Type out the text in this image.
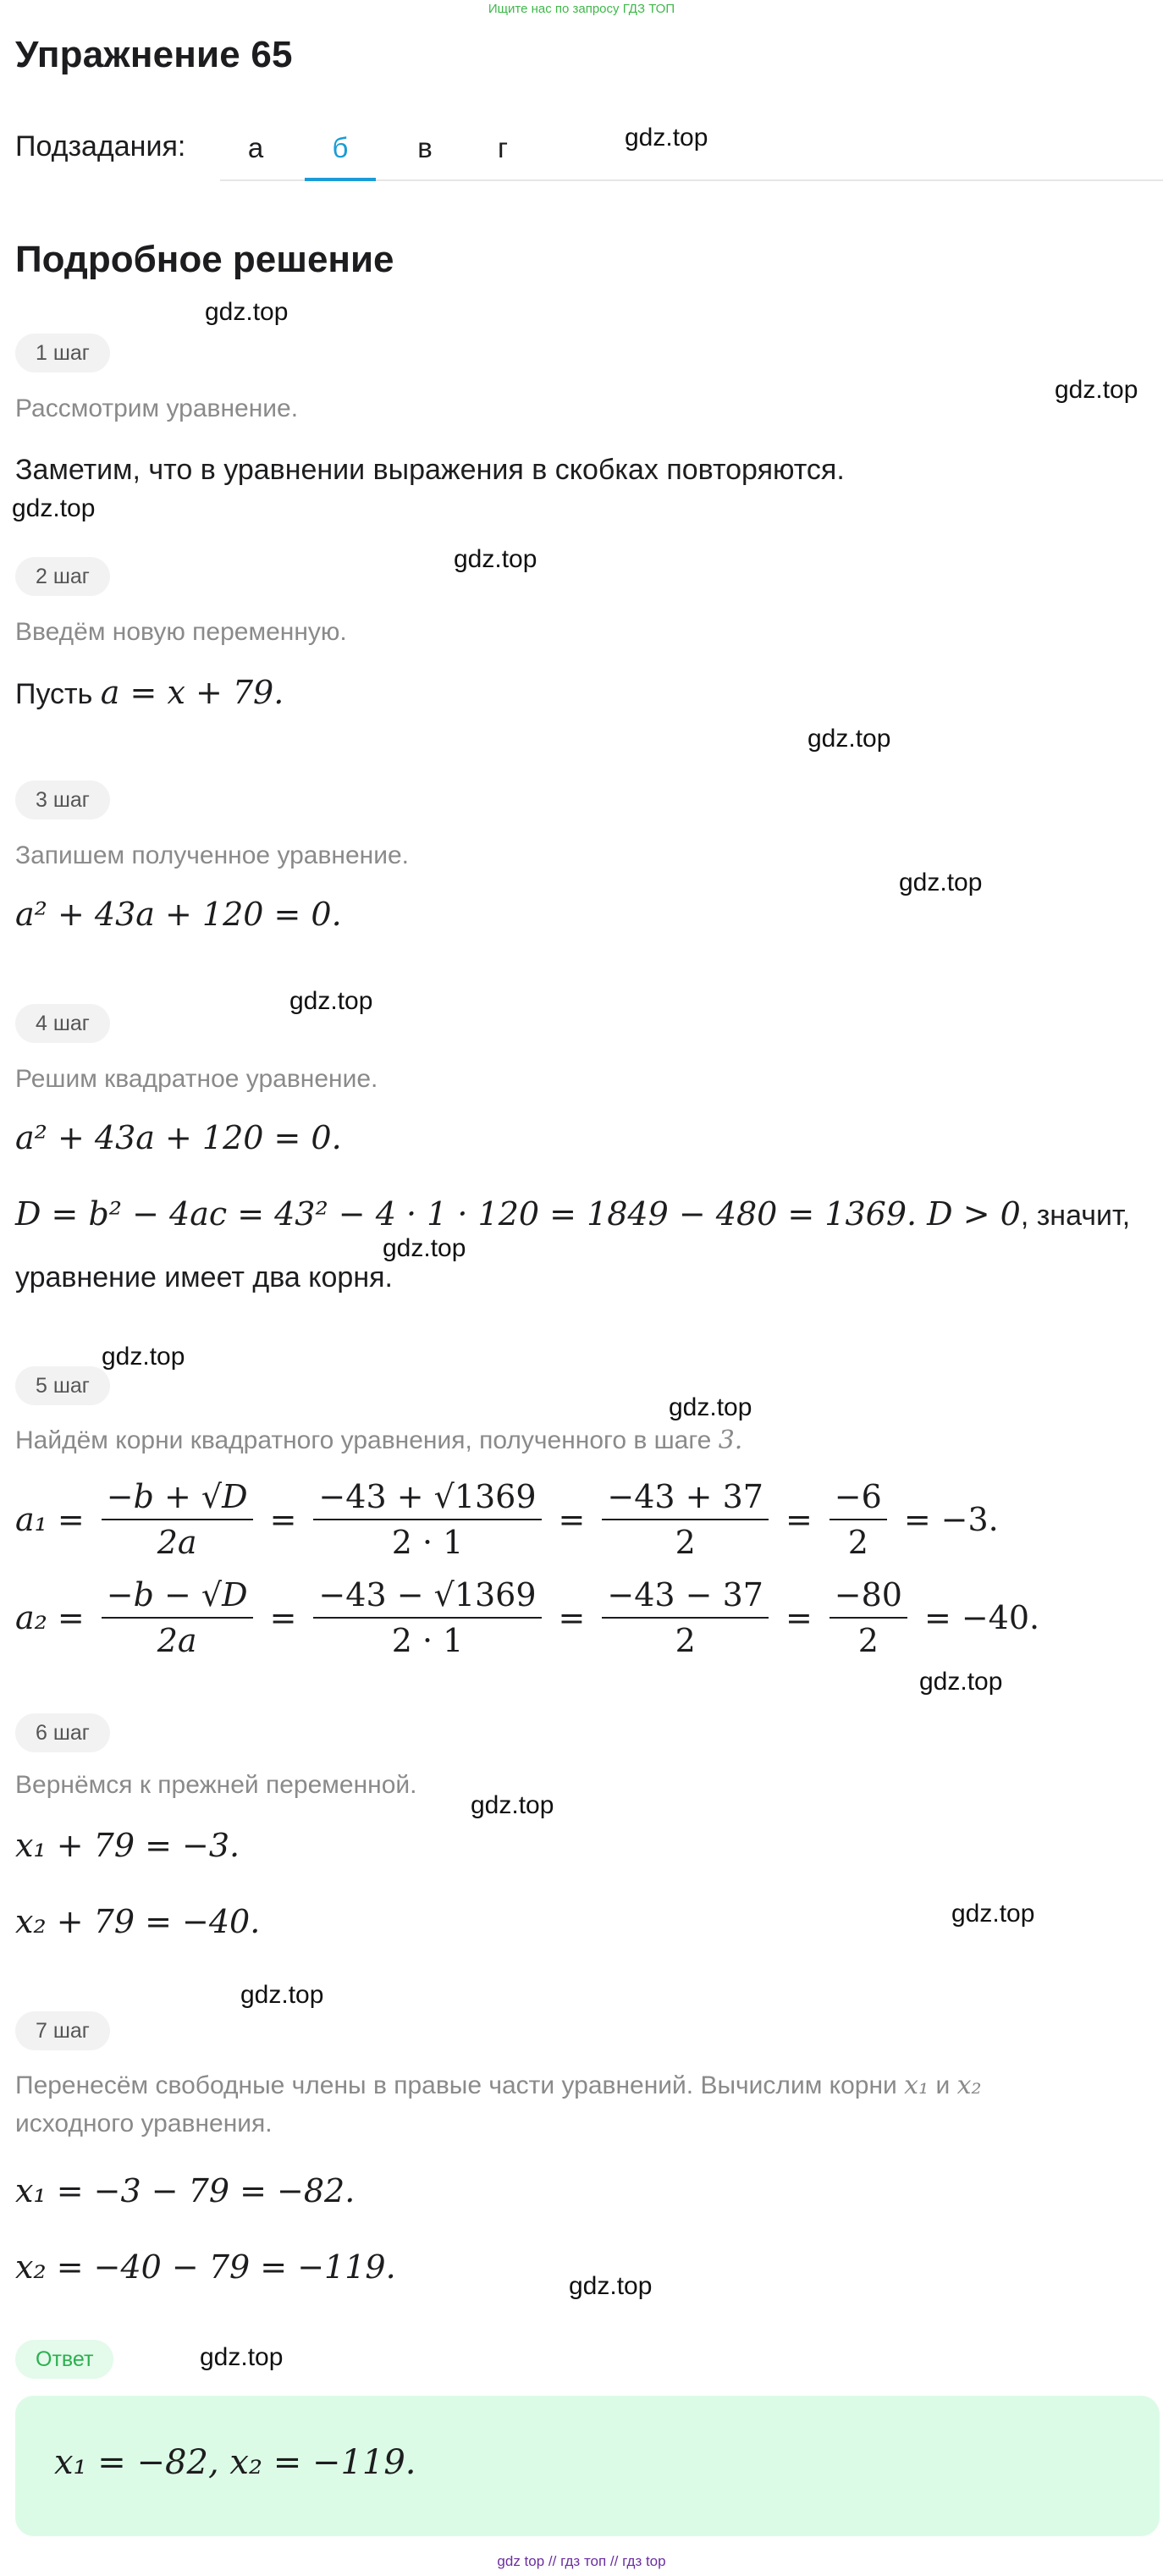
Ищите нас по запросу ГДЗ ТОП
Упражнение 65
Подзадания:	а	б	в	г
Подробное решение
gdz.top
gdz.top
gdz.top
gdz.top
gdz.top
gdz.top
gdz.top
gdz.top
gdz.top
gdz.top
gdz.top
gdz.top
gdz.top
gdz.top
gdz.top
gdz.top
gdz.top
1 шаг
Рассмотрим уравнение.
Заметим, что в уравнении выражения в скобках повторяются.
2 шаг
Введём новую переменную.
Пусть a = x + 79.
3 шаг
Запишем полученное уравнение.
a² + 43a + 120 = 0.
4 шаг
Решим квадратное уравнение.
a² + 43a + 120 = 0.
D = b² − 4ac = 43² − 4 · 1 · 120 = 1849 − 480 = 1369. D > 0, значит,
уравнение имеет два корня.
5 шаг
Найдём корни квадратного уравнения, полученного в шаге 3.
$a_1 = \frac{-b + √D}{2a} = \frac{-43 + √1369}{2 \cdot 1} = \frac{-43 + 37}{2} = \frac{-6}{2} = -3$.
$a_2 = \frac{-b - √D}{2a} = \frac{-43 - √1369}{2 \cdot 1} = \frac{-43 - 37}{2} = \frac{-80}{2} = -40$.
6 шаг
Вернёмся к прежней переменной.
x₁ + 79 = −3.
x₂ + 79 = −40.
7 шаг
Перенесём свободные члены в правые части уравнений. Вычислим корни x₁ и x₂
исходного уравнения.
x₁ = −3 − 79 = −82.
x₂ = −40 − 79 = −119.
Ответ
x₁ = −82, x₂ = −119.
gdz top // гдз топ // гдз top
